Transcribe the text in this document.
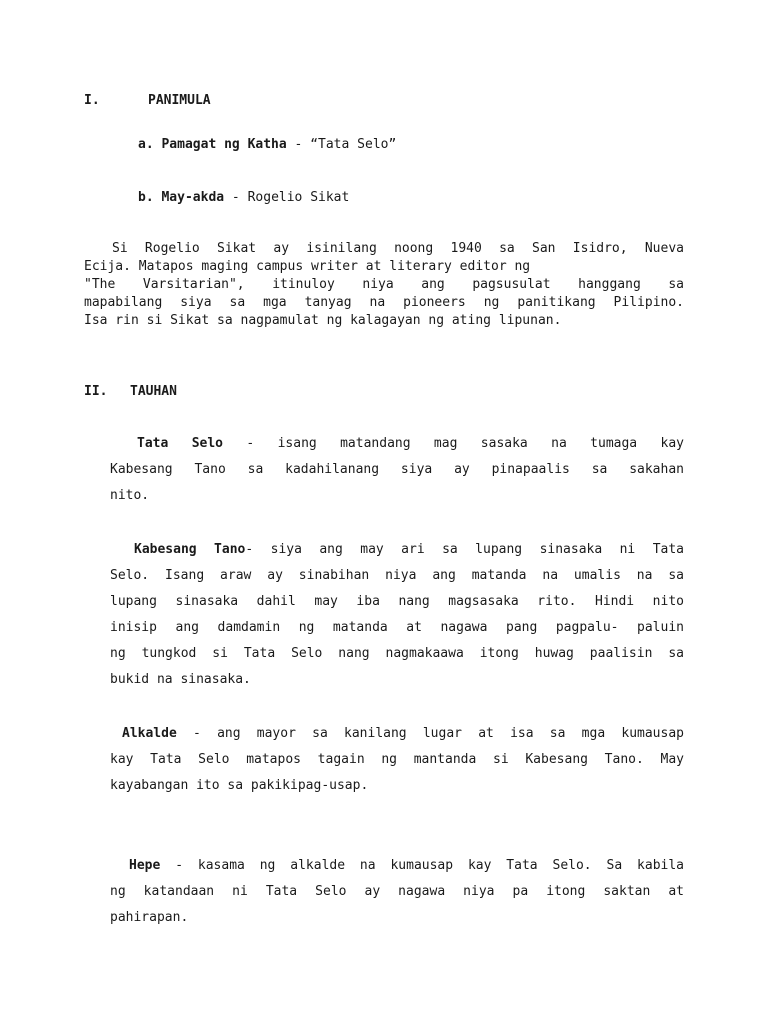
I.	PANIMULA
a. Pamagat ng Katha - “Tata Selo”
b. May-akda - Rogelio Sikat
Si Rogelio Sikat ay isinilang noong 1940 sa San Isidro, Nueva
Ecija. Matapos maging campus writer at literary editor ng
"The Varsitarian", itinuloy niya ang pagsusulat hanggang sa
mapabilang siya sa mga tanyag na pioneers ng panitikang Pilipino.
Isa rin si Sikat sa nagpamulat ng kalagayan ng ating lipunan.
II. TAUHAN
Tata Selo - isang matandang mag sasaka na tumaga kay
Kabesang Tano sa kadahilanang siya ay pinapaalis sa sakahan
nito.
Kabesang Tano- siya ang may ari sa lupang sinasaka ni Tata
Selo. Isang araw ay sinabihan niya ang matanda na umalis na sa
lupang sinasaka dahil may iba nang magsasaka rito. Hindi nito
inisip ang damdamin ng matanda at nagawa pang pagpalu- paluin
ng tungkod si Tata Selo nang nagmakaawa itong huwag paalisin sa
bukid na sinasaka.
Alkalde - ang mayor sa kanilang lugar at isa sa mga kumausap
kay Tata Selo matapos tagain ng mantanda si Kabesang Tano. May
kayabangan ito sa pakikipag-usap.
Hepe - kasama ng alkalde na kumausap kay Tata Selo. Sa kabila
ng katandaan ni Tata Selo ay nagawa niya pa itong saktan at
pahirapan.
